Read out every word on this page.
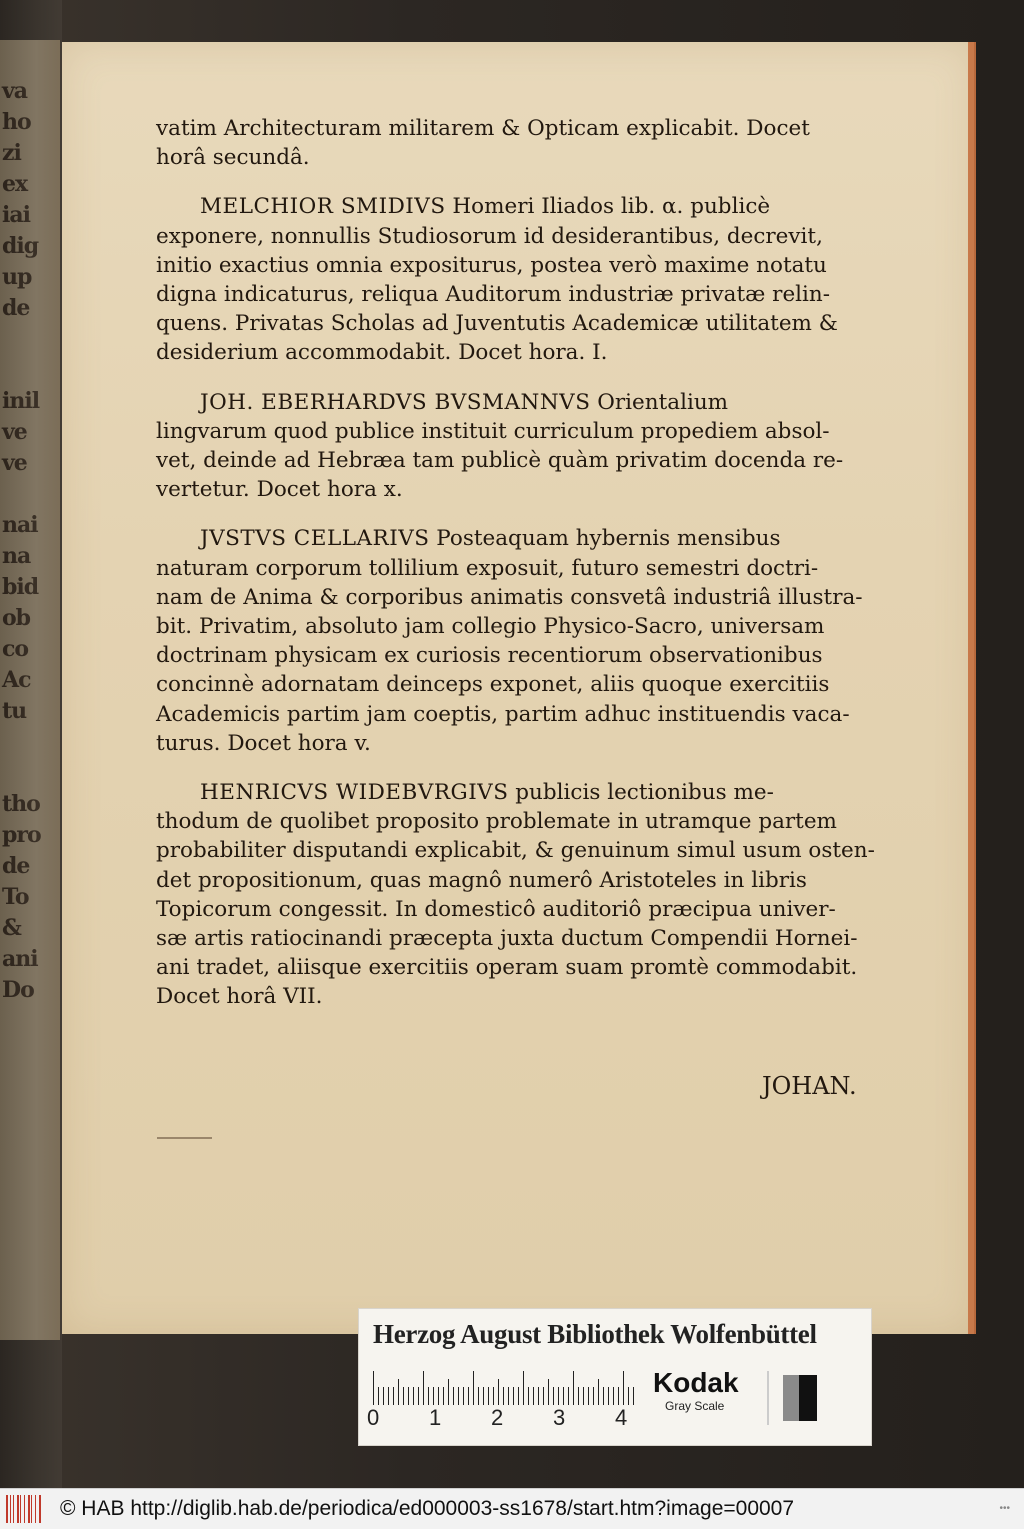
vatim Architecturam militarem & Opticam explicabit. Docet
horâ secundâ.
MELCHIOR SMIDIVS Homeri Iliados lib. α. publicè
exponere, nonnullis Studiosorum id desiderantibus, decrevit,
initio exactius omnia expositurus, postea verò maxime notatu
digna indicaturus, reliqua Auditorum industriæ privatæ relin-
quens. Privatas Scholas ad Juventutis Academicæ utilitatem &
desiderium accommodabit. Docet hora. I.
JOH. EBERHARDVS BVSMANNVS Orientalium
lingvarum quod publice instituit curriculum propediem absol-
vet, deinde ad Hebræa tam publicè quàm privatim docenda re-
vertetur. Docet hora x.
JVSTVS CELLARIVS Posteaquam hybernis mensibus
naturam corporum tollilium exposuit, futuro semestri doctri-
nam de Anima & corporibus animatis consvetâ industriâ illustra-
bit. Privatim, absoluto jam collegio Physico-Sacro, universam
doctrinam physicam ex curiosis recentiorum observationibus
concinnè adornatam deinceps exponet, aliis quoque exercitiis
Academicis partim jam coeptis, partim adhuc instituendis vaca-
turus. Docet hora v.
HENRICVS WIDEBVRGIVS publicis lectionibus me-
thodum de quolibet proposito problemate in utramque partem
probabiliter disputandi explicabit, & genuinum simul usum osten-
det propositionum, quas magnô numerô Aristoteles in libris
Topicorum congessit. In domesticô auditoriô præcipua univer-
sæ artis ratiocinandi præcepta juxta ductum Compendii Hornei-
ani tradet, aliisque exercitiis operam suam promtè commodabit.
Docet horâ VII.
JOHAN.
Herzog August Bibliothek Wolfenbüttel
0 1 2 3 4
Kodak
Gray Scale
© HAB http://diglib.hab.de/periodica/ed000003-ss1678/start.htm?image=00007	•••
